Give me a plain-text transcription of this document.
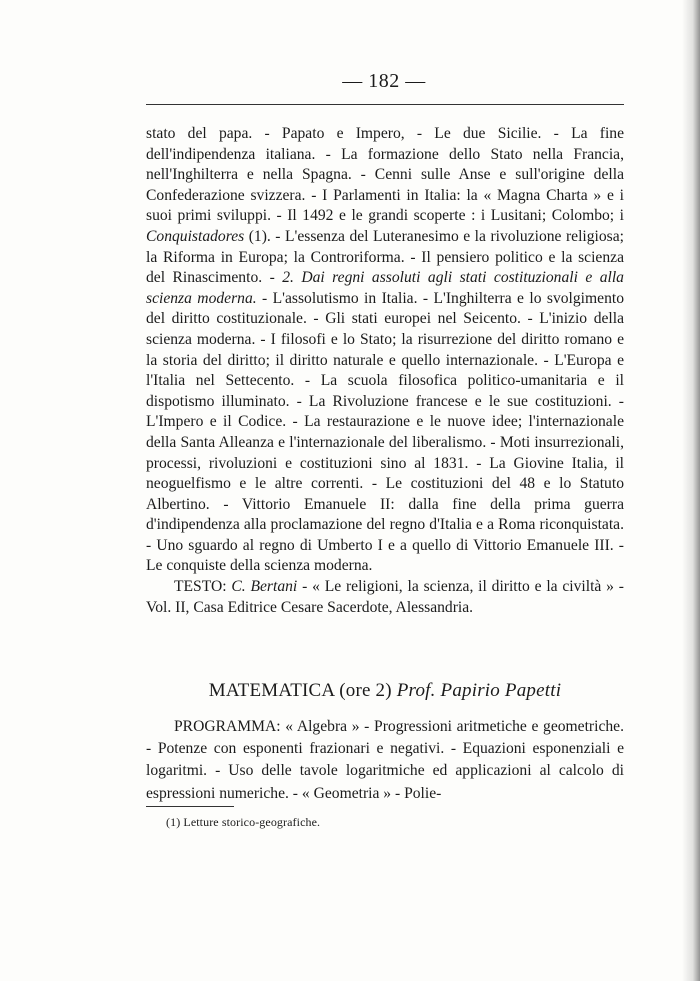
— 182 —

stato del papa. - Papato e Impero, - Le due Sicilie. - La fine dell'indipendenza italiana. - La formazione dello Stato nella Francia, nell'Inghilterra e nella Spagna. - Cenni sulle Anse e sull'origine della Confederazione svizzera. - I Parlamenti in Italia: la « Magna Charta » e i suoi primi sviluppi. - Il 1492 e le grandi scoperte : i Lusitani; Colombo; i Conquistadores (1). - L'essenza del Luteranesimo e la rivoluzione religiosa; la Riforma in Europa; la Controriforma. - Il pensiero politico e la scienza del Rinascimento. - 2. Dai regni assoluti agli stati costituzionali e alla scienza moderna. - L'assolutismo in Italia. - L'Inghilterra e lo svolgimento del diritto costituzionale. - Gli stati europei nel Seicento. - L'inizio della scienza moderna. - I filosofi e lo Stato; la risurrezione del diritto romano e la storia del diritto; il diritto naturale e quello internazionale. - L'Europa e l'Italia nel Settecento. - La scuola filosofica politico-umanitaria e il dispotismo illuminato. - La Rivoluzione francese e le sue costituzioni. - L'Impero e il Codice. - La restaurazione e le nuove idee; l'internazionale della Santa Alleanza e l'internazionale del liberalismo. - Moti insurrezionali, processi, rivoluzioni e costituzioni sino al 1831. - La Giovine Italia, il neoguelfismo e le altre correnti. - Le costituzioni del 48 e lo Statuto Albertino. - Vittorio Emanuele II: dalla fine della prima guerra d'indipendenza alla proclamazione del regno d'Italia e a Roma riconquistata. - Uno sguardo al regno di Umberto I e a quello di Vittorio Emanuele III. - Le conquiste della scienza moderna.

TESTO: C. Bertani - « Le religioni, la scienza, il diritto e la civiltà » - Vol. II, Casa Editrice Cesare Sacerdote, Alessandria.

MATEMATICA (ore 2) Prof. Papirio Papetti

PROGRAMMA: « Algebra » - Progressioni aritmetiche e geometriche. - Potenze con esponenti frazionari e negativi. - Equazioni esponenziali e logaritmi. - Uso delle tavole logaritmiche ed applicazioni al calcolo di espressioni numeriche. - « Geometria » - Polie-

(1) Letture storico-geografiche.
